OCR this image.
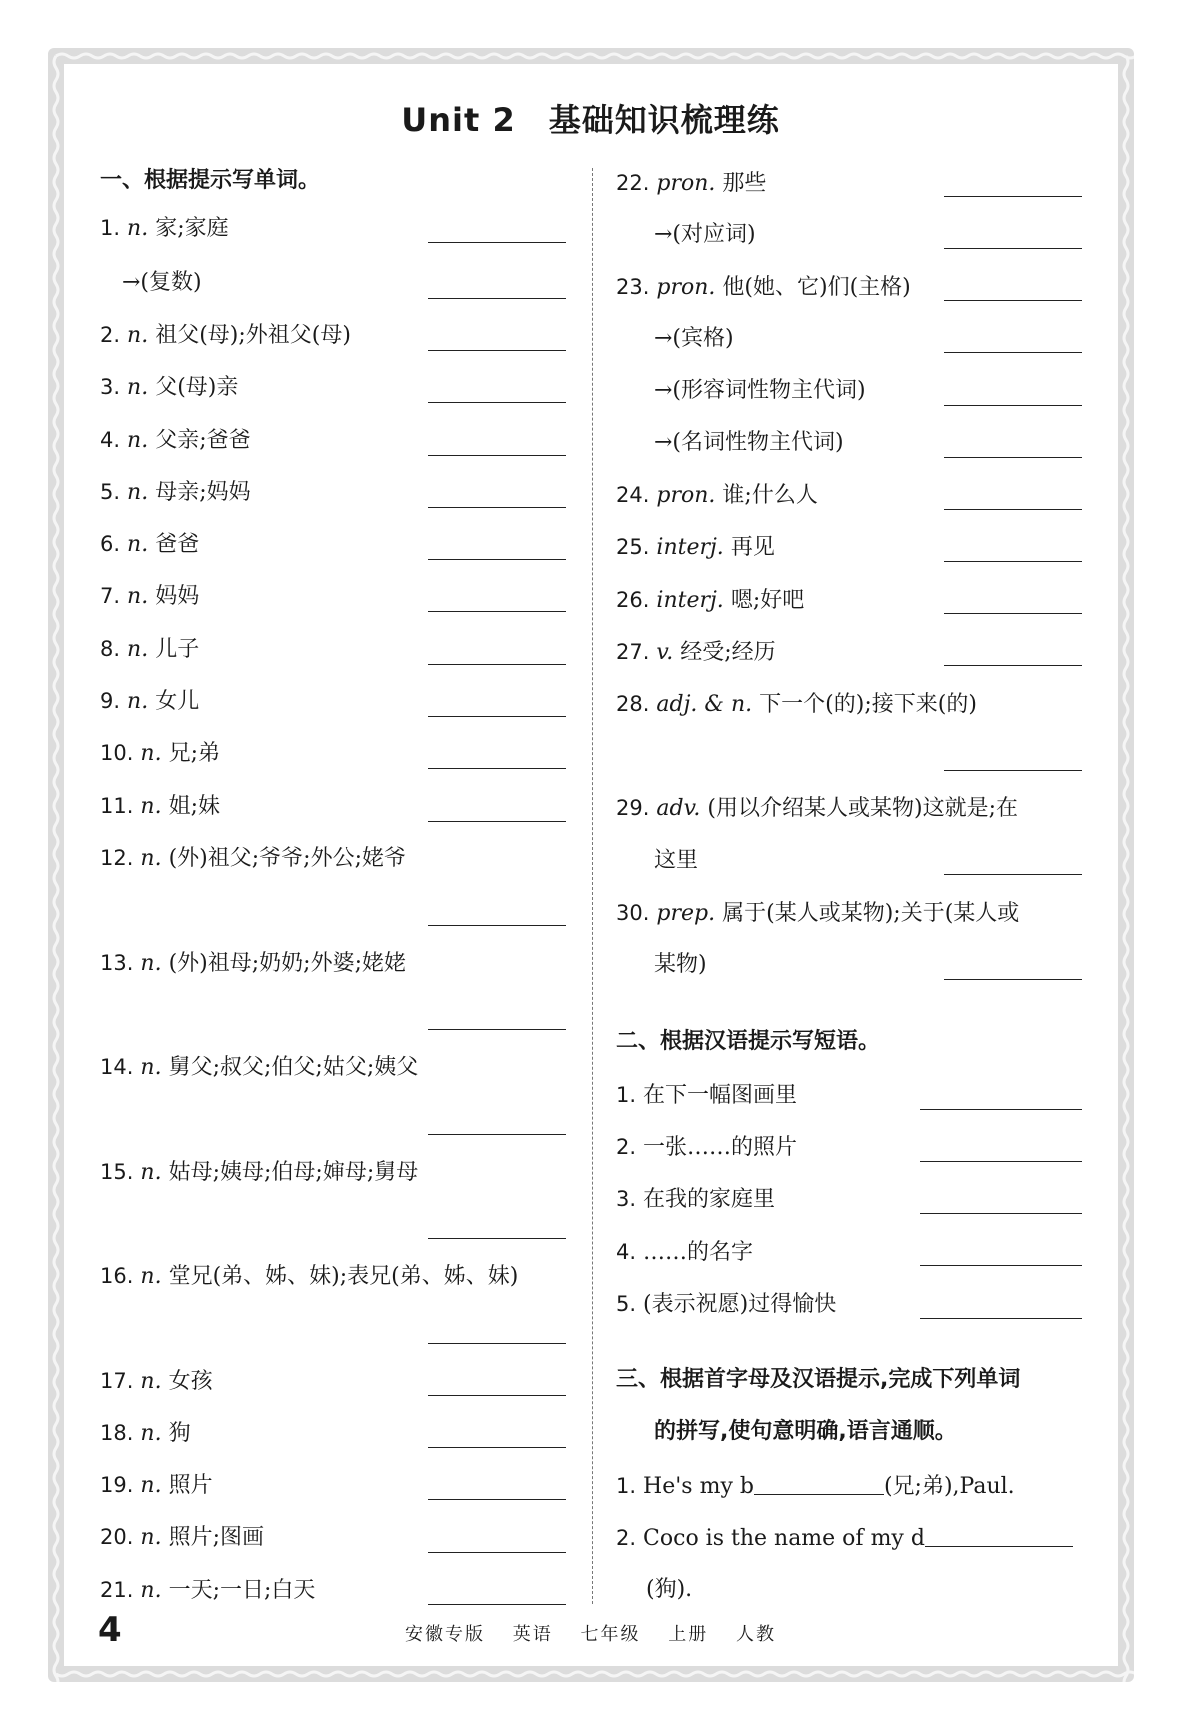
Unit 2　基础知识梳理练
一、根据提示写单词。
1. n. 家;家庭
→(复数)
2. n. 祖父(母);外祖父(母)
3. n. 父(母)亲
4. n. 父亲;爸爸
5. n. 母亲;妈妈
6. n. 爸爸
7. n. 妈妈
8. n. 儿子
9. n. 女儿
10. n. 兄;弟
11. n. 姐;妹
12. n. (外)祖父;爷爷;外公;姥爷
13. n. (外)祖母;奶奶;外婆;姥姥
14. n. 舅父;叔父;伯父;姑父;姨父
15. n. 姑母;姨母;伯母;婶母;舅母
16. n. 堂兄(弟、姊、妹);表兄(弟、姊、妹)
17. n. 女孩
18. n. 狗
19. n. 照片
20. n. 照片;图画
21. n. 一天;一日;白天
22. pron. 那些
→(对应词)
23. pron. 他(她、它)们(主格)
→(宾格)
→(形容词性物主代词)
→(名词性物主代词)
24. pron. 谁;什么人
25. interj. 再见
26. interj. 嗯;好吧
27. v. 经受;经历
28. adj. & n. 下一个(的);接下来(的)
29. adv. (用以介绍某人或某物)这就是;在
这里
30. prep. 属于(某人或某物);关于(某人或
某物)
二、根据汉语提示写短语。
1. 在下一幅图画里
2. 一张……的照片
3. 在我的家庭里
4. ……的名字
5. (表示祝愿)过得愉快
三、根据首字母及汉语提示,完成下列单词
的拼写,使句意明确,语言通顺。
1. He's my b	(兄;弟),Paul.
2. Coco is the name of my d
(狗).
4	安徽专版 英语 七年级 上册 人教
